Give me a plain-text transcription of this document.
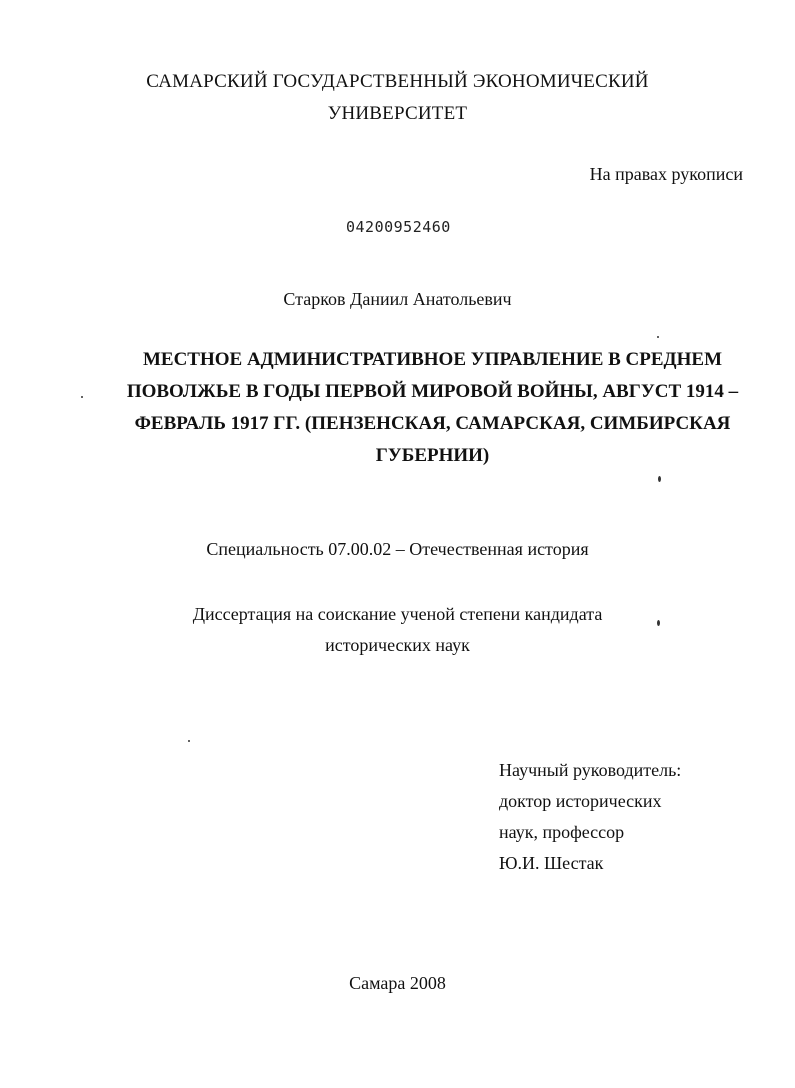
САМАРСКИЙ ГОСУДАРСТВЕННЫЙ ЭКОНОМИЧЕСКИЙ
УНИВЕРСИТЕТ
На правах рукописи
04200952460
Старков Даниил Анатольевич
МЕСТНОЕ АДМИНИСТРАТИВНОЕ УПРАВЛЕНИЕ В СРЕДНЕМ ПОВОЛЖЬЕ В ГОДЫ ПЕРВОЙ МИРОВОЙ ВОЙНЫ, АВГУСТ 1914 – ФЕВРАЛЬ 1917 ГГ. (ПЕНЗЕНСКАЯ, САМАРСКАЯ, СИМБИРСКАЯ ГУБЕРНИИ)
Специальность 07.00.02 – Отечественная история
Диссертация на соискание ученой степени кандидата
исторических наук
Научный руководитель:
доктор исторических
наук, профессор
Ю.И. Шестак
Самара 2008
